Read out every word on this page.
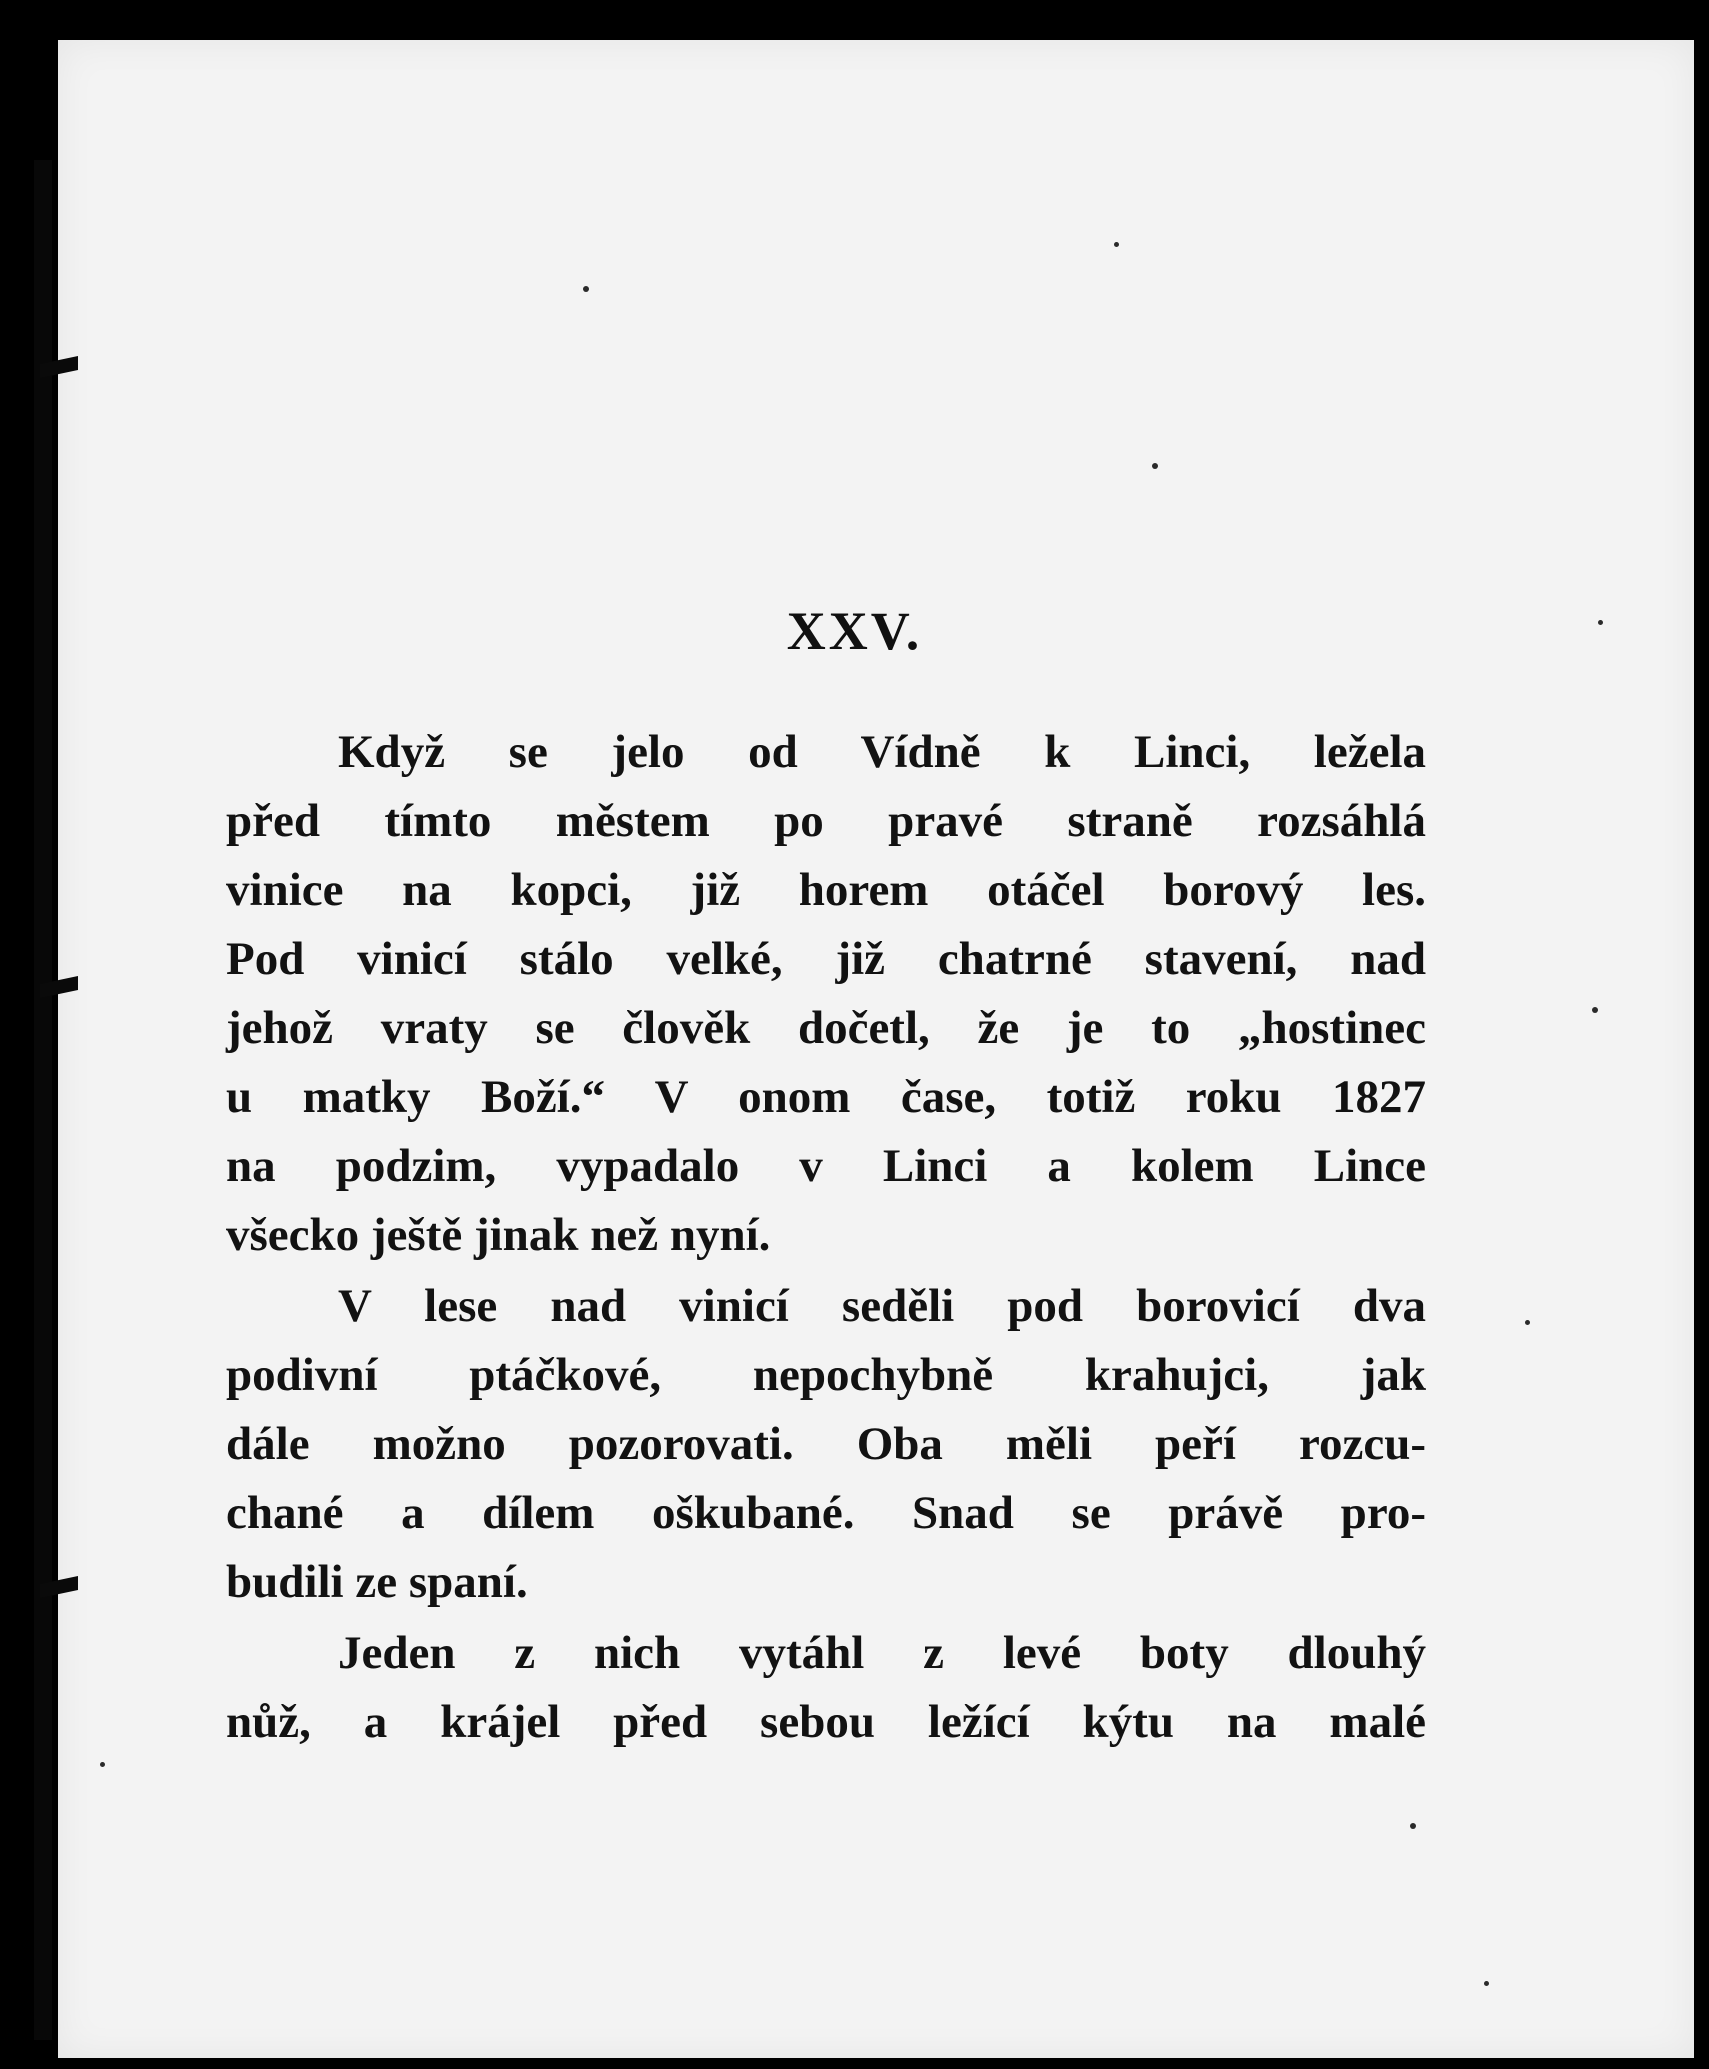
XXV.
Když se jelo od Vídně k Linci, ležela
před tímto městem po pravé straně rozsáhlá
vinice na kopci, již horem otáčel borový les.
Pod vinicí stálo velké, již chatrné stavení, nad
jehož vraty se člověk dočetl, že je to „hostinec
u matky Boží.“ V onom čase, totiž roku 1827
na podzim, vypadalo v Linci a kolem Lince
všecko ještě jinak než nyní.
V lese nad vinicí seděli pod borovicí dva
podivní ptáčkové, nepochybně krahujci, jak
dále možno pozorovati. Oba měli peří rozcu-
chané a dílem oškubané. Snad se právě pro-
budili ze spaní.
Jeden z nich vytáhl z levé boty dlouhý
nůž, a krájel před sebou ležící kýtu na malé
